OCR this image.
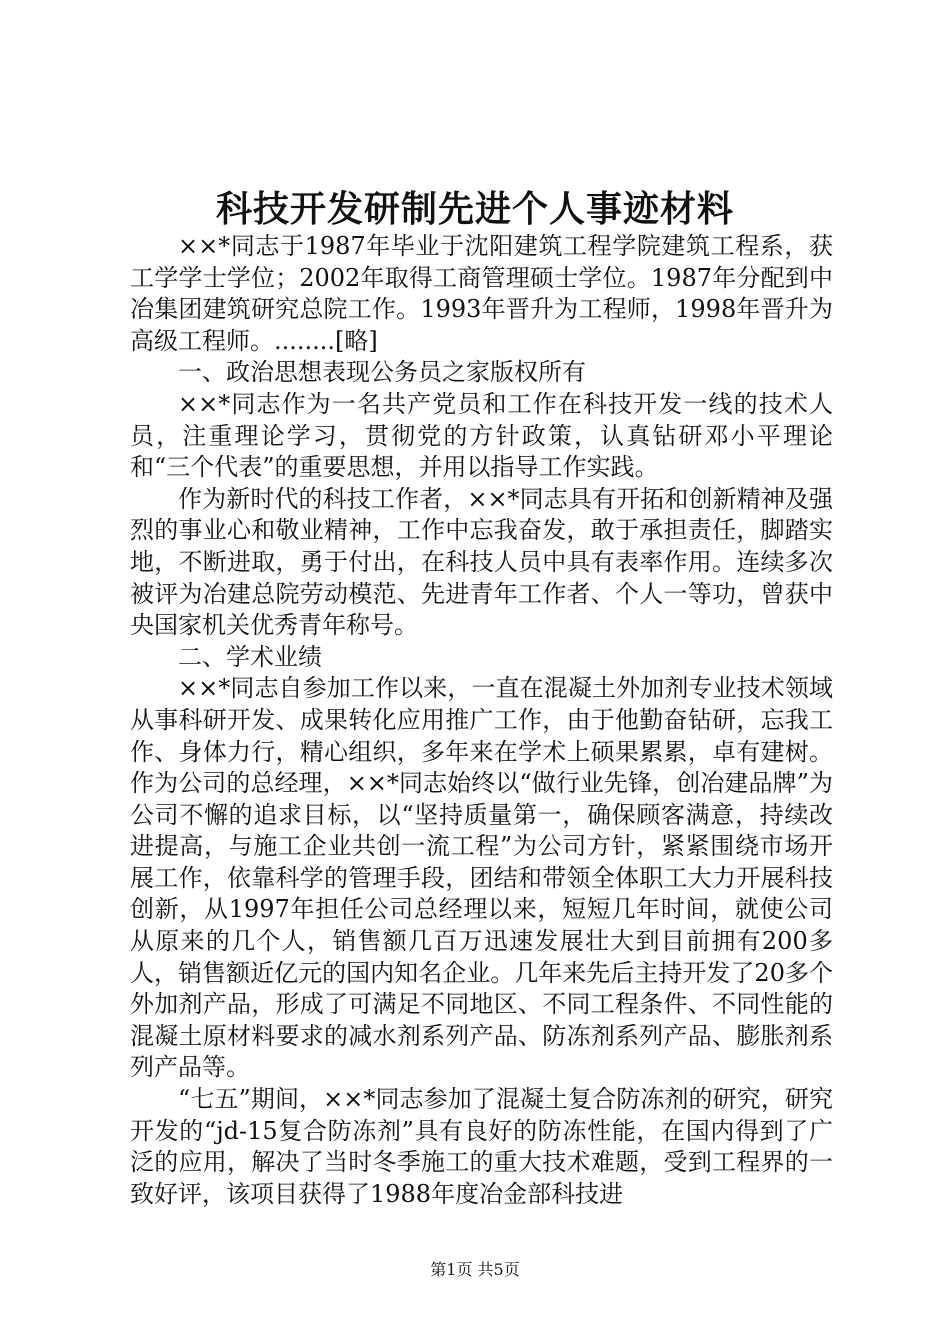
科技开发研制先进个人事迹材料

××*同志于1987年毕业于沈阳建筑工程学院建筑工程系，获工学学士学位；2002年取得工商管理硕士学位。1987年分配到中冶集团建筑研究总院工作。1993年晋升为工程师，1998年晋升为高级工程师。........[略]

一、政治思想表现公务员之家版权所有

××*同志作为一名共产党员和工作在科技开发一线的技术人员，注重理论学习，贯彻党的方针政策，认真钻研邓小平理论和“三个代表”的重要思想，并用以指导工作实践。

作为新时代的科技工作者，××*同志具有开拓和创新精神及强烈的事业心和敬业精神，工作中忘我奋发，敢于承担责任，脚踏实地，不断进取，勇于付出，在科技人员中具有表率作用。连续多次被评为冶建总院劳动模范、先进青年工作者、个人一等功，曾获中央国家机关优秀青年称号。

二、学术业绩

××*同志自参加工作以来，一直在混凝土外加剂专业技术领域从事科研开发、成果转化应用推广工作，由于他勤奋钻研，忘我工作、身体力行，精心组织，多年来在学术上硕果累累，卓有建树。作为公司的总经理，××*同志始终以“做行业先锋，创冶建品牌”为公司不懈的追求目标，以“坚持质量第一，确保顾客满意，持续改进提高，与施工企业共创一流工程”为公司方针，紧紧围绕市场开展工作，依靠科学的管理手段，团结和带领全体职工大力开展科技创新，从1997年担任公司总经理以来，短短几年时间，就使公司从原来的几个人，销售额几百万迅速发展壮大到目前拥有200多人，销售额近亿元的国内知名企业。几年来先后主持开发了20多个外加剂产品，形成了可满足不同地区、不同工程条件、不同性能的混凝土原材料要求的减水剂系列产品、防冻剂系列产品、膨胀剂系列产品等。

“七五”期间，××*同志参加了混凝土复合防冻剂的研究，研究开发的“jd-15复合防冻剂”具有良好的防冻性能，在国内得到了广泛的应用，解决了当时冬季施工的重大技术难题，受到工程界的一致好评，该项目获得了1988年度冶金部科技进

第1页 共5页
